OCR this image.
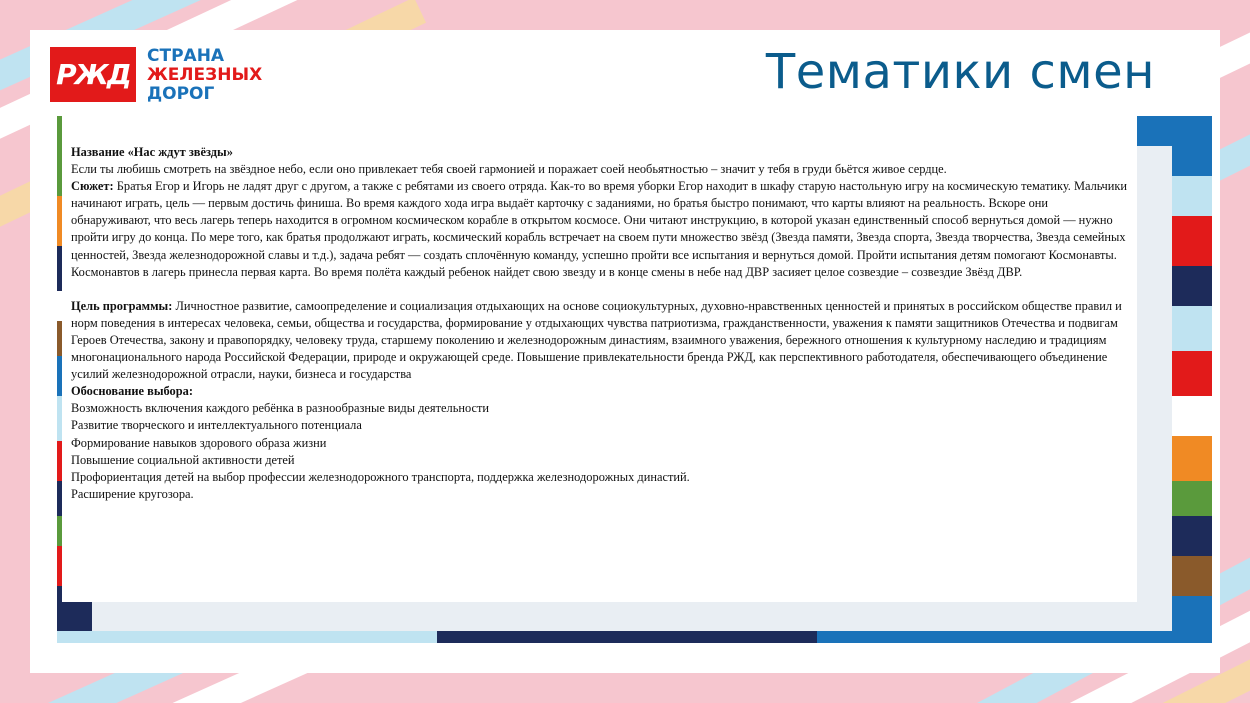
РЖД
СТРАНА
ЖЕЛЕЗНЫХ
ДОРОГ	Тематики смен

Название «Нас ждут звёзды»

Если ты любишь смотреть на звёздное небо, если оно привлекает тебя своей гармонией и поражает соей необьятностью – значит у тебя в груди бьётся живое сердце.

Сюжет: Братья Егор и Игорь не ладят друг с другом, а также с ребятами из своего отряда. Как-то во время уборки Егор находит в шкафу старую настольную игру на космическую тематику. Мальчики начинают играть, цель — первым достичь финиша. Во время каждого хода игра выдаёт карточку с заданиями, но братья быстро понимают, что карты влияют на реальность. Вскоре они обнаруживают, что весь лагерь теперь находится в огромном космическом корабле в открытом космосе. Они читают инструкцию, в которой указан единственный способ вернуться домой — нужно пройти игру до конца. По мере того, как братья продолжают играть, космический корабль встречает на своем пути множество звёзд (Звезда памяти, Звезда спорта, Звезда творчества, Звезда семейных ценностей, Звезда железнодорожной славы и т.д.), задача ребят — создать сплочённую команду, успешно пройти все испытания и вернуться домой. Пройти испытания детям помогают Космонавты. Космонавтов в лагерь принесла первая карта. Во время полёта каждый ребенок найдет свою звезду и в конце смены в небе над ДВР засияет целое созвездие – созвездие Звёзд ДВР.

Цель программы: Личностное развитие, самоопределение и социализация отдыхающих на основе социокультурных, духовно-нравственных ценностей и принятых в российском обществе правил и норм поведения в интересах человека, семьи, общества и государства, формирование у отдыхающих чувства патриотизма, гражданственности, уважения к памяти защитников Отечества и подвигам Героев Отечества, закону и правопорядку, человеку труда, старшему поколению и железнодорожным династиям, взаимного уважения, бережного отношения к культурному наследию и традициям многонационального народа Российской Федерации, природе и окружающей среде. Повышение привлекательности бренда РЖД, как перспективного работодателя, обеспечивающего объединение усилий железнодорожной отрасли, науки, бизнеса и государства

Обоснование выбора:

Возможность включения каждого ребёнка в разнообразные виды деятельности

Развитие творческого и интеллектуального потенциала

Формирование навыков здорового образа жизни

Повышение социальной активности детей

Профориентация детей на выбор профессии железнодорожного транспорта, поддержка железнодорожных династий.

Расширение кругозора.
